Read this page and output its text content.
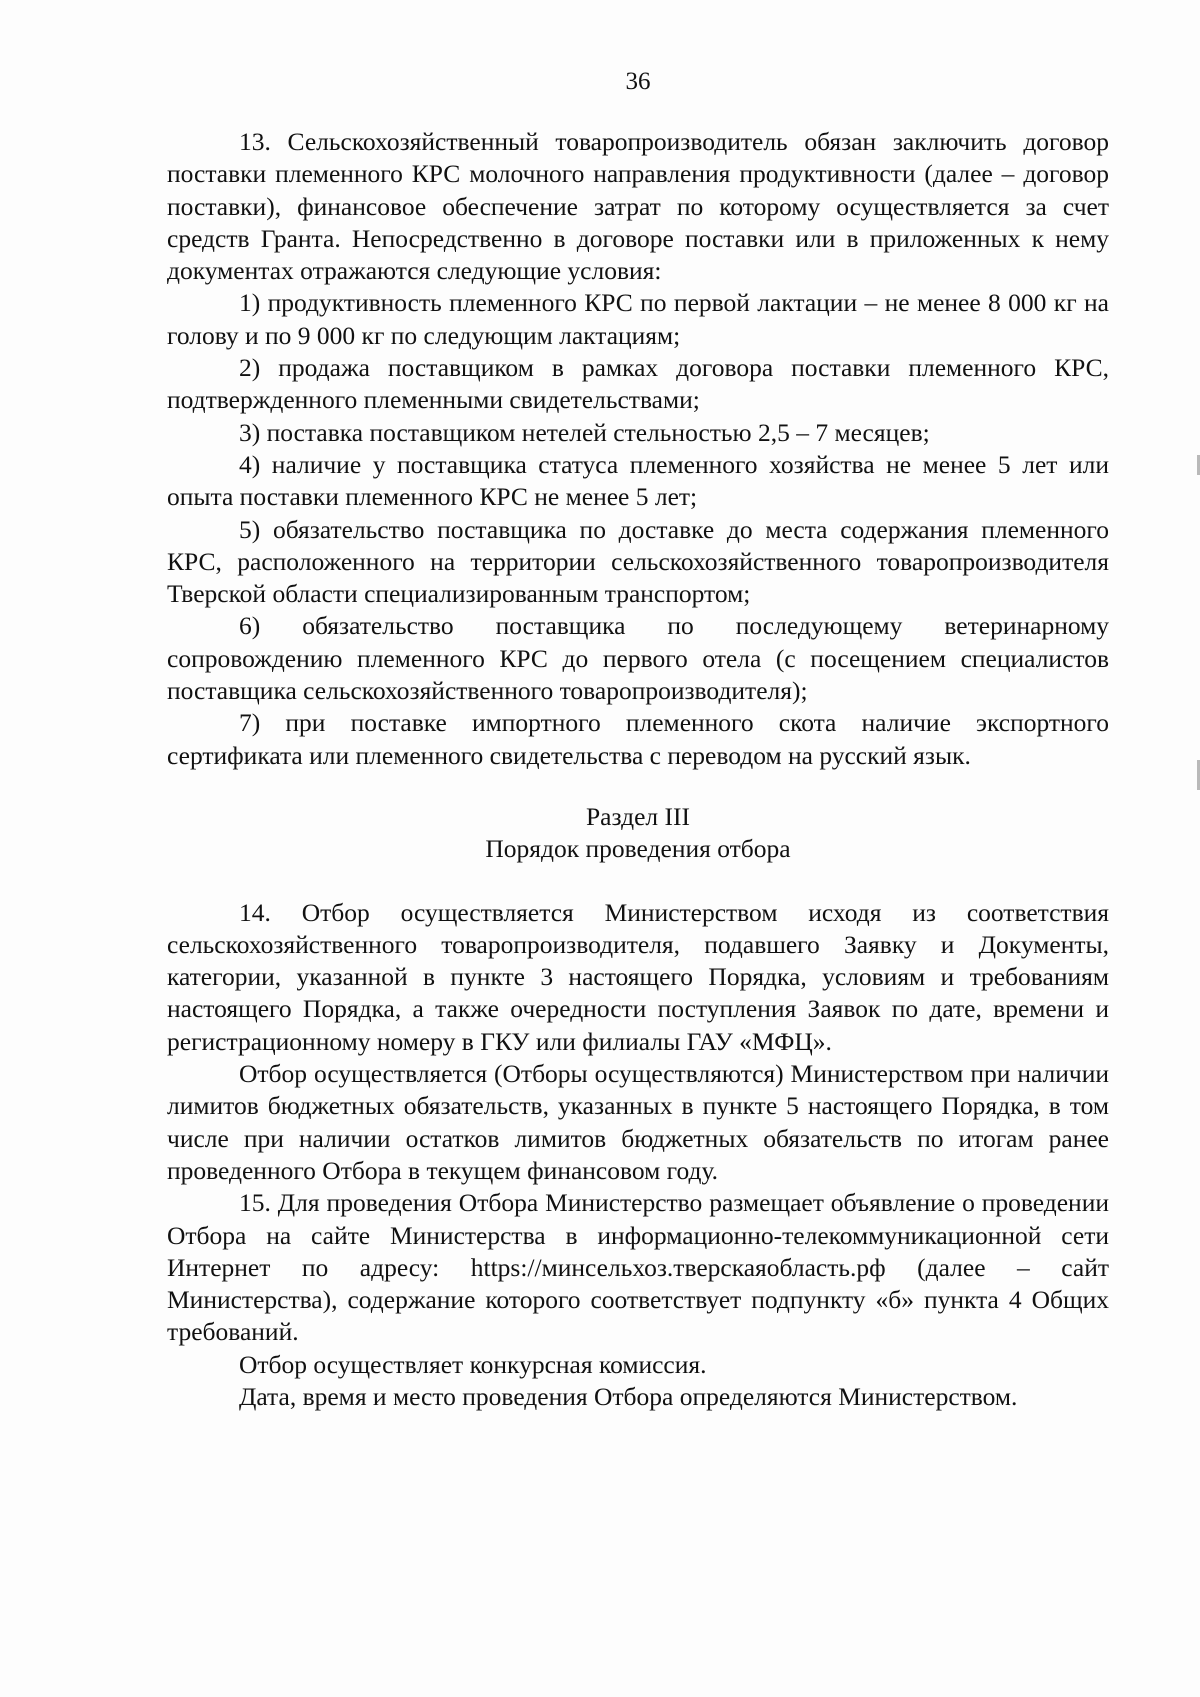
36

13. Сельскохозяйственный товаропроизводитель обязан заключить договор поставки племенного КРС молочного направления продуктивности (далее – договор поставки), финансовое обеспечение затрат по которому осуществляется за счет средств Гранта. Непосредственно в договоре поставки или в приложенных к нему документах отражаются следующие условия:

1) продуктивность племенного КРС по первой лактации – не менее 8 000 кг на голову и по 9 000 кг по следующим лактациям;

2) продажа поставщиком в рамках договора поставки племенного КРС, подтвержденного племенными свидетельствами;

3) поставка поставщиком нетелей стельностью 2,5 – 7 месяцев;

4) наличие у поставщика статуса племенного хозяйства не менее 5 лет или опыта поставки племенного КРС не менее 5 лет;

5) обязательство поставщика по доставке до места содержания племенного КРС, расположенного на территории сельскохозяйственного товаропроизводителя Тверской области специализированным транспортом;

6) обязательство поставщика по последующему ветеринарному сопровождению племенного КРС до первого отела (с посещением специалистов поставщика сельскохозяйственного товаропроизводителя);

7) при поставке импортного племенного скота наличие экспортного сертификата или племенного свидетельства с переводом на русский язык.

Раздел III
Порядок проведения отбора

14. Отбор осуществляется Министерством исходя из соответствия сельскохозяйственного товаропроизводителя, подавшего Заявку и Документы, категории, указанной в пункте 3 настоящего Порядка, условиям и требованиям настоящего Порядка, а также очередности поступления Заявок по дате, времени и регистрационному номеру в ГКУ или филиалы ГАУ «МФЦ».

Отбор осуществляется (Отборы осуществляются) Министерством при наличии лимитов бюджетных обязательств, указанных в пункте 5 настоящего Порядка, в том числе при наличии остатков лимитов бюджетных обязательств по итогам ранее проведенного Отбора в текущем финансовом году.

15. Для проведения Отбора Министерство размещает объявление о проведении Отбора на сайте Министерства в информационно-телекоммуникационной сети Интернет по адресу: https://минсельхоз.тверскаяобласть.рф (далее – сайт Министерства), содержание которого соответствует подпункту «б» пункта 4 Общих требований.

Отбор осуществляет конкурсная комиссия.

Дата, время и место проведения Отбора определяются Министерством.
